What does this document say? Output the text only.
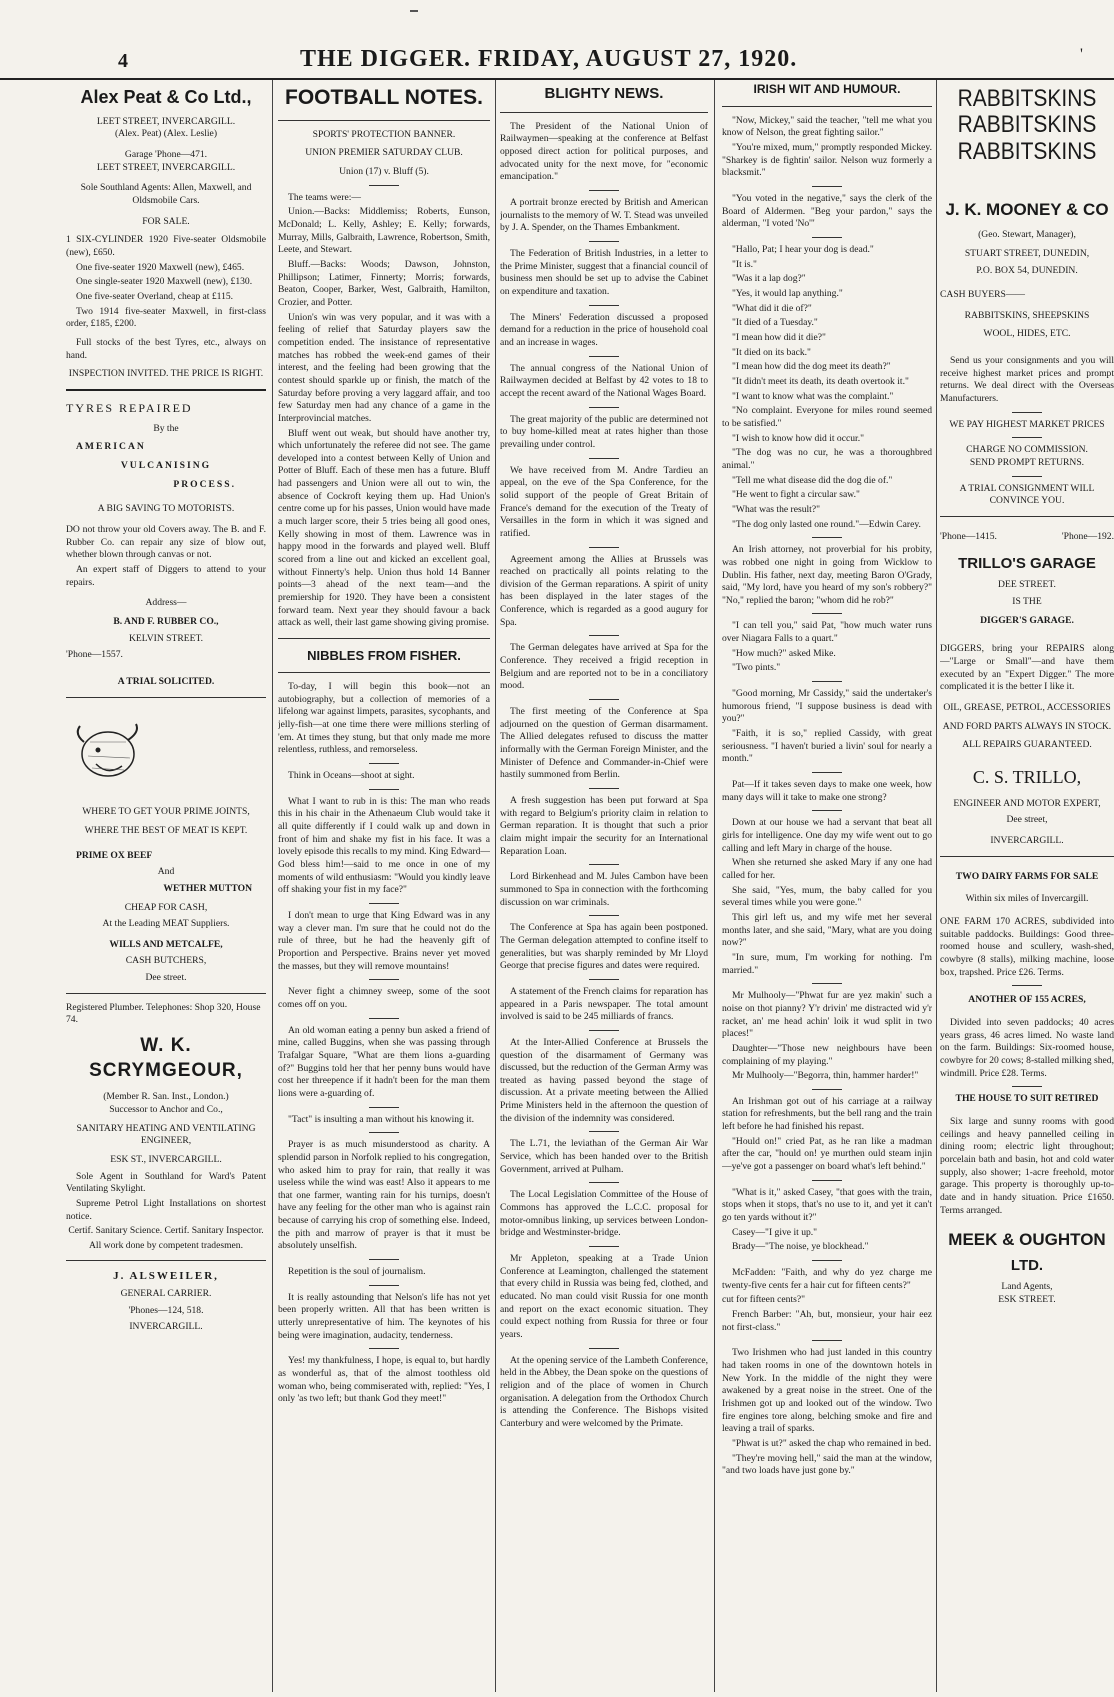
4	THE DIGGER. FRIDAY, AUGUST 27, 1920.	'
Alex Peat & Co Ltd.,
LEET STREET, INVERCARGILL.
(Alex. Peat) (Alex. Leslie)
Garage 'Phone—471.
LEET STREET, INVERCARGILL.
Sole Southland Agents: Allen, Maxwell, and Oldsmobile Cars.
FOR SALE.

1 SIX-CYLINDER 1920 Five-seater Oldsmobile (new), £650.

One five-seater 1920 Maxwell (new), £465.

One single-seater 1920 Maxwell (new), £130.

One five-seater Overland, cheap at £115.

Two 1914 five-seater Maxwell, in first-class order, £185, £200.

Full stocks of the best Tyres, etc., always on hand.

INSPECTION INVITED. THE PRICE IS RIGHT.
TYRES REPAIRED
By the
AMERICAN
VULCANISING
PROCESS.
A BIG SAVING TO MOTORISTS.

DO not throw your old Covers away. The B. and F. Rubber Co. can repair any size of blow out, whether blown through canvas or not.

An expert staff of Diggers to attend to your repairs.

Address—
B. AND F. RUBBER CO.,
KELVIN STREET.
'Phone—1557.
A TRIAL SOLICITED.
WHERE TO GET YOUR PRIME JOINTS,
WHERE THE BEST OF MEAT IS KEPT.
PRIME OX BEEF
And
WETHER MUTTON
CHEAP FOR CASH,
At the Leading MEAT Suppliers.
WILLS AND METCALFE,
CASH BUTCHERS,
Dee street.
Registered Plumber. Telephones: Shop 320, House 74.
W. K. SCRYMGEOUR,
(Member R. San. Inst., London.)
Successor to Anchor and Co.,
SANITARY HEATING AND VENTILATING ENGINEER,
ESK ST., INVERCARGILL.

Sole Agent in Southland for Ward's Patent Ventilating Skylight.

Supreme Petrol Light Installations on shortest notice.

Certif. Sanitary Science. Certif. Sanitary Inspector.

All work done by competent tradesmen.

J. ALSWEILER,
GENERAL CARRIER.
'Phones—124, 518.
INVERCARGILL.
FOOTBALL NOTES.
SPORTS' PROTECTION BANNER.
UNION PREMIER SATURDAY CLUB.
Union (17) v. Bluff (5).

The teams were:—

Union.—Backs: Middlemiss; Roberts, Eunson, McDonald; L. Kelly, Ashley; E. Kelly; forwards, Murray, Mills, Galbraith, Lawrence, Robertson, Smith, Leete, and Stewart.

Bluff.—Backs: Woods; Dawson, Johnston, Phillipson; Latimer, Finnerty; Morris; forwards, Beaton, Cooper, Barker, West, Galbraith, Hamilton, Crozier, and Potter.

Union's win was very popular, and it was with a feeling of relief that Saturday players saw the competition ended. The insistance of representative matches has robbed the week-end games of their interest, and the feeling had been growing that the contest should sparkle up or finish, the match of the Saturday before proving a very laggard affair, and too few Saturday men had any chance of a game in the Interprovincial matches.

Bluff went out weak, but should have another try, which unfortunately the referee did not see. The game developed into a contest between Kelly of Union and Potter of Bluff. Each of these men has a future. Bluff had passengers and Union were all out to win, the absence of Cockroft keying them up. Had Union's centre come up for his passes, Union would have made a much larger score, their 5 tries being all good ones, Kelly showing in most of them. Lawrence was in happy mood in the forwards and played well. Bluff scored from a line out and kicked an excellent goal, without Finnerty's help. Union thus hold 14 Banner points—3 ahead of the next team—and the premiership for 1920. They have been a consistent forward team. Next year they should favour a back attack as well, their last game showing giving promise.

NIBBLES FROM FISHER.

To-day, I will begin this book—not an autobiography, but a collection of memories of a lifelong war against limpets, parasites, sycophants, and jelly-fish—at one time there were millions sterling of 'em. At times they stung, but that only made me more relentless, ruthless, and remorseless.

Think in Oceans—shoot at sight.

What I want to rub in is this: The man who reads this in his chair in the Athenaeum Club would take it all quite differently if I could walk up and down in front of him and shake my fist in his face. It was a lovely episode this recalls to my mind. King Edward—God bless him!—said to me once in one of my moments of wild enthusiasm: "Would you kindly leave off shaking your fist in my face?"

I don't mean to urge that King Edward was in any way a clever man. I'm sure that he could not do the rule of three, but he had the heavenly gift of Proportion and Perspective. Brains never yet moved the masses, but they will remove mountains!

Never fight a chimney sweep, some of the soot comes off on you.

An old woman eating a penny bun asked a friend of mine, called Buggins, when she was passing through Trafalgar Square, "What are them lions a-guarding of?" Buggins told her that her penny buns would have cost her threepence if it hadn't been for the man them lions were a-guarding of.

"Tact" is insulting a man without his knowing it.

Prayer is as much misunderstood as charity. A splendid parson in Norfolk replied to his congregation, who asked him to pray for rain, that really it was useless while the wind was east! Also it appears to me that one farmer, wanting rain for his turnips, doesn't have any feeling for the other man who is against rain because of carrying his crop of something else. Indeed, the pith and marrow of prayer is that it must be absolutely unselfish.

Repetition is the soul of journalism.

It is really astounding that Nelson's life has not yet been properly written. All that has been written is utterly unrepresentative of him. The keynotes of his being were imagination, audacity, tenderness.

Yes! my thankfulness, I hope, is equal to, but hardly as wonderful as, that of the almost toothless old woman who, being commiserated with, replied: "Yes, I only 'as two left; but thank God they meet!"

BLIGHTY NEWS.

The President of the National Union of Railwaymen—speaking at the conference at Belfast opposed direct action for political purposes, and advocated unity for the next move, for "economic emancipation."

A portrait bronze erected by British and American journalists to the memory of W. T. Stead was unveiled by J. A. Spender, on the Thames Embankment.

The Federation of British Industries, in a letter to the Prime Minister, suggest that a financial council of business men should be set up to advise the Cabinet on expenditure and taxation.

The Miners' Federation discussed a proposed demand for a reduction in the price of household coal and an increase in wages.

The annual congress of the National Union of Railwaymen decided at Belfast by 42 votes to 18 to accept the recent award of the National Wages Board.

The great majority of the public are determined not to buy home-killed meat at rates higher than those prevailing under control.

We have received from M. Andre Tardieu an appeal, on the eve of the Spa Conference, for the solid support of the people of Great Britain of France's demand for the execution of the Treaty of Versailles in the form in which it was signed and ratified.

Agreement among the Allies at Brussels was reached on practically all points relating to the division of the German reparations. A spirit of unity has been displayed in the later stages of the Conference, which is regarded as a good augury for Spa.

The German delegates have arrived at Spa for the Conference. They received a frigid reception in Belgium and are reported not to be in a conciliatory mood.

The first meeting of the Conference at Spa adjourned on the question of German disarmament. The Allied delegates refused to discuss the matter informally with the German Foreign Minister, and the Minister of Defence and Commander-in-Chief were hastily summoned from Berlin.

A fresh suggestion has been put forward at Spa with regard to Belgium's priority claim in relation to German reparation. It is thought that such a prior claim might impair the security for an International Reparation Loan.

Lord Birkenhead and M. Jules Cambon have been summoned to Spa in connection with the forthcoming discussion on war criminals.

The Conference at Spa has again been postponed. The German delegation attempted to confine itself to generalities, but was sharply reminded by Mr Lloyd George that precise figures and dates were required.

A statement of the French claims for reparation has appeared in a Paris newspaper. The total amount involved is said to be 245 milliards of francs.

At the Inter-Allied Conference at Brussels the question of the disarmament of Germany was discussed, but the reduction of the German Army was treated as having passed beyond the stage of discussion. At a private meeting between the Allied Prime Ministers held in the afternoon the question of the division of the indemnity was considered.

The L.71, the leviathan of the German Air War Service, which has been handed over to the British Government, arrived at Pulham.

The Local Legislation Committee of the House of Commons has approved the L.C.C. proposal for motor-omnibus linking, up services between London-bridge and Westminster-bridge.

Mr Appleton, speaking at a Trade Union Conference at Leamington, challenged the statement that every child in Russia was being fed, clothed, and educated. No man could visit Russia for one month and report on the exact economic situation. They could expect nothing from Russia for three or four years.

At the opening service of the Lambeth Conference, held in the Abbey, the Dean spoke on the questions of religion and of the place of women in Church organisation. A delegation from the Orthodox Church is attending the Conference. The Bishops visited Canterbury and were welcomed by the Primate.

IRISH WIT AND HUMOUR.

"Now, Mickey," said the teacher, "tell me what you know of Nelson, the great fighting sailor."

"You're mixed, mum," promptly responded Mickey. "Sharkey is de fightin' sailor. Nelson wuz formerly a blacksmit."

"You voted in the negative," says the clerk of the Board of Aldermen. "Beg your pardon," says the alderman, "I voted 'No'"

"Hallo, Pat; I hear your dog is dead."

"It is."

"Was it a lap dog?"

"Yes, it would lap anything."

"What did it die of?"

"It died of a Tuesday."

"I mean how did it die?"

"It died on its back."

"I mean how did the dog meet its death?"

"It didn't meet its death, its death overtook it."

"I want to know what was the complaint."

"No complaint. Everyone for miles round seemed to be satisfied."

"I wish to know how did it occur."

"The dog was no cur, he was a thoroughbred animal."

"Tell me what disease did the dog die of."

"He went to fight a circular saw."

"What was the result?"

"The dog only lasted one round."—Edwin Carey.

An Irish attorney, not proverbial for his probity, was robbed one night in going from Wicklow to Dublin. His father, next day, meeting Baron O'Grady, said, "My lord, have you heard of my son's robbery?" "No," replied the baron; "whom did he rob?"

"I can tell you," said Pat, "how much water runs over Niagara Falls to a quart."

"How much?" asked Mike.

"Two pints."

"Good morning, Mr Cassidy," said the undertaker's humorous friend, "I suppose business is dead with you?"

"Faith, it is so," replied Cassidy, with great seriousness. "I haven't buried a livin' soul for nearly a month."

Pat—If it takes seven days to make one week, how many days will it take to make one strong?

Down at our house we had a servant that beat all girls for intelligence. One day my wife went out to go calling and left Mary in charge of the house.

When she returned she asked Mary if any one had called for her.

She said, "Yes, mum, the baby called for you several times while you were gone."

This girl left us, and my wife met her several months later, and she said, "Mary, what are you doing now?"

"In sure, mum, I'm working for nothing. I'm married."

Mr Mulhooly—"Phwat fur are yez makin' such a noise on thot pianny? Y'r drivin' me distracted wid y'r racket, an' me head achin' loik it wud split in two places!"

Daughter—"Those new neighbours have been complaining of my playing."

Mr Mulhooly—"Begorra, thin, hammer harder!"

An Irishman got out of his carriage at a railway station for refreshments, but the bell rang and the train left before he had finished his repast.

"Hould on!" cried Pat, as he ran like a madman after the car, "hould on! ye murthen ould steam injin—ye've got a passenger on board what's left behind."

"What is it," asked Casey, "that goes with the train, stops when it stops, that's no use to it, and yet it can't go ten yards without it?"

Casey—"I give it up."

Brady—"The noise, ye blockhead."

McFadden: "Faith, and why do yez charge me twenty-five cents fer a hair cut for fifteen cents?"

cut for fifteen cents?"

French Barber: "Ah, but, monsieur, your hair eez not first-class."

Two Irishmen who had just landed in this country had taken rooms in one of the downtown hotels in New York. In the middle of the night they were awakened by a great noise in the street. One of the Irishmen got up and looked out of the window. Two fire engines tore along, belching smoke and fire and leaving a trail of sparks.

"Phwat is ut?" asked the chap who remained in bed.

"They're moving hell," said the man at the window, "and two loads have just gone by."

RABBITSKINS
RABBITSKINS
RABBITSKINS
J. K. MOONEY & CO
(Geo. Stewart, Manager),
STUART STREET, DUNEDIN,
P.O. BOX 54, DUNEDIN.
CASH BUYERS——
RABBITSKINS, SHEEPSKINS
WOOL, HIDES, ETC.

Send us your consignments and you will receive highest market prices and prompt returns. We deal direct with the Overseas Manufacturers.

WE PAY HIGHEST MARKET PRICES
CHARGE NO COMMISSION.
SEND PROMPT RETURNS.
A TRIAL CONSIGNMENT WILL CONVINCE YOU.
'Phone—1415.	'Phone—192.
TRILLO'S GARAGE
DEE STREET.
IS THE
DIGGER'S GARAGE.

DIGGERS, bring your REPAIRS along—"Large or Small"—and have them executed by an "Expert Digger." The more complicated it is the better I like it.

OIL, GREASE, PETROL, ACCESSORIES
AND FORD PARTS ALWAYS IN STOCK.
ALL REPAIRS GUARANTEED.
C. S. TRILLO,
ENGINEER AND MOTOR EXPERT,
Dee street,
INVERCARGILL.
TWO DAIRY FARMS FOR SALE
Within six miles of Invercargill.

ONE FARM 170 ACRES, subdivided into suitable paddocks. Buildings: Good three-roomed house and scullery, wash-shed, cowbyre (8 stalls), milking machine, loose box, trapshed. Price £26. Terms.

ANOTHER OF 155 ACRES,

Divided into seven paddocks; 40 acres years grass, 46 acres limed. No waste land on the farm. Buildings: Six-roomed house, cowbyre for 20 cows; 8-stalled milking shed, windmill. Price £28. Terms.

THE HOUSE TO SUIT RETIRED

Six large and sunny rooms with good ceilings and heavy pannelled ceiling in dining room; electric light throughout; porcelain bath and basin, hot and cold water supply, also shower; 1-acre freehold, motor garage. This property is thoroughly up-to-date and in handy situation. Price £1650. Terms arranged.

MEEK & OUGHTON
LTD.
Land Agents,
ESK STREET.
